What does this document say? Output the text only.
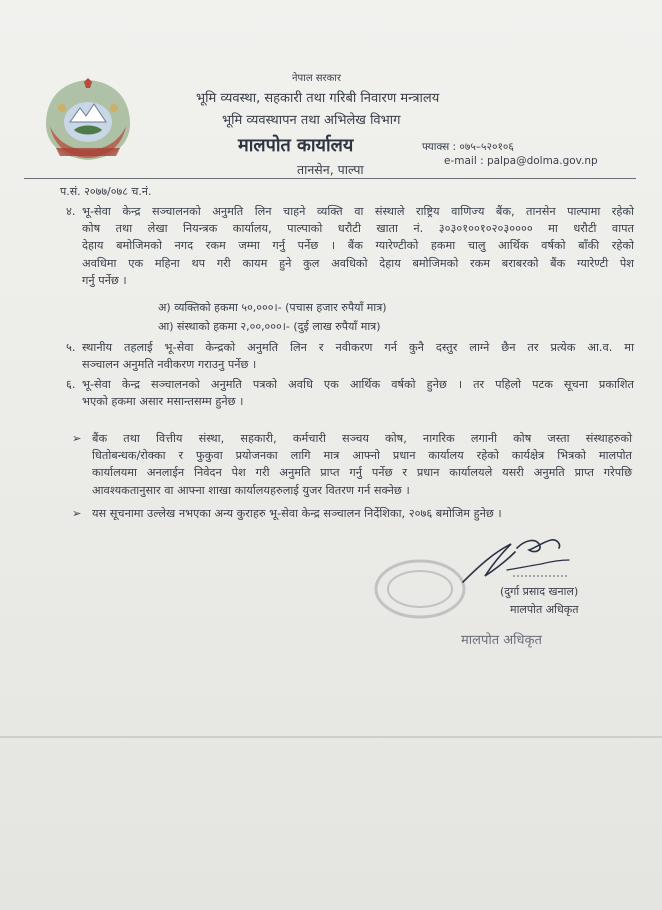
नेपाल सरकार
भूमि व्यवस्था, सहकारी तथा गरिबी निवारण मन्त्रालय
भूमि व्यवस्थापन तथा अभिलेख विभाग
मालपोत कार्यालय
तानसेन, पाल्पा
फ्याक्स : ०७५–५२०१०६
e-mail : palpa@dolma.gov.np
प.सं. २०७७/०७८ च.नं.
४. भू-सेवा केन्द्र सञ्चालनको अनुमति लिन चाहने व्यक्ति वा संस्थाले राष्ट्रिय वाणिज्य बैंक, तानसेन पाल्पामा रहेको
कोष तथा लेखा नियन्त्रक कार्यालय, पाल्पाको धरौटी खाता नं. ३०३०१००१०२०३०००० मा धरौटी वापत
देहाय बमोजिमको नगद रकम जम्मा गर्नु पर्नेछ । बैंक ग्यारेण्टीको हकमा चालु आर्थिक वर्षको बाँकी रहेको
अवधिमा एक महिना थप गरी कायम हुने कुल अवधिको देहाय बमोजिमको रकम बराबरको बैंक ग्यारेण्टी पेश
गर्नु पर्नेछ ।
अ) व्यक्तिको हकमा ५०,०००।- (पचास हजार रुपैयाँ मात्र)
आ) संस्थाको हकमा २,००,०००।- (दुई लाख रुपैयाँ मात्र)
५. स्थानीय तहलाई भू-सेवा केन्द्रको अनुमति लिन र नवीकरण गर्न कुनै दस्तुर लाग्ने छैन तर प्रत्येक आ.व. मा
सञ्चालन अनुमति नवीकरण गराउनु पर्नेछ ।
६. भू-सेवा केन्द्र सञ्चालनको अनुमति पत्रको अवधि एक आर्थिक वर्षको हुनेछ । तर पहिलो पटक सूचना प्रकाशित
भएको हकमा असार मसान्तसम्म हुनेछ ।
➢ बैंक तथा वित्तीय संस्था, सहकारी, कर्मचारी सञ्चय कोष, नागरिक लगानी कोष जस्ता संस्थाहरुको
धितोबन्धक/रोक्का र फुकुवा प्रयोजनका लागि मात्र आफ्नो प्रधान कार्यालय रहेको कार्यक्षेत्र भित्रको मालपोत
कार्यालयमा अनलाईन निवेदन पेश गरी अनुमति प्राप्त गर्नु पर्नेछ र प्रधान कार्यालयले यसरी अनुमति प्राप्त गरेपछि
आवश्यकतानुसार वा आफ्ना शाखा कार्यालयहरुलाई युजर वितरण गर्न सक्नेछ ।
➢ यस सूचनामा उल्लेख नभएका अन्य कुराहरु भू-सेवा केन्द्र सञ्चालन निर्देशिका, २०७६ बमोजिम हुनेछ ।
(दुर्गा प्रसाद खनाल)
मालपोत अधिकृत
मालपोत अधिकृत
